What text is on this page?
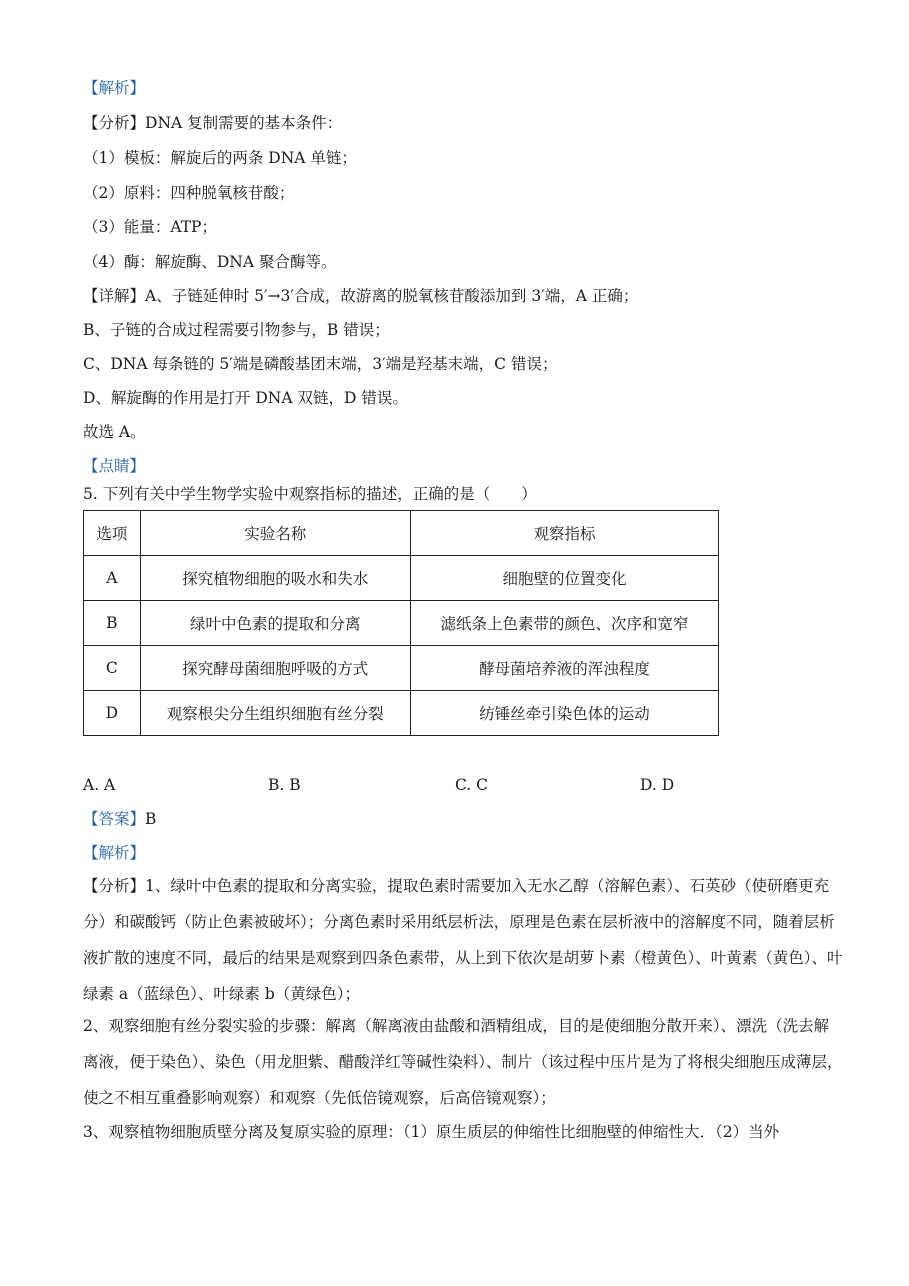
【解析】
【分析】DNA 复制需要的基本条件：
（1）模板：解旋后的两条 DNA 单链；
（2）原料：四种脱氧核苷酸；
（3）能量：ATP；
（4）酶：解旋酶、DNA 聚合酶等。
【详解】A、子链延伸时 5′→3′合成，故游离的脱氧核苷酸添加到 3′端，A 正确；
B、子链的合成过程需要引物参与，B 错误；
C、DNA 每条链的 5′端是磷酸基团末端，3′端是羟基末端，C 错误；
D、解旋酶的作用是打开 DNA 双链，D 错误。
故选 A。
【点睛】
5. 下列有关中学生物学实验中观察指标的描述，正确的是（　　）
选项	实验名称	观察指标
A	探究植物细胞的吸水和失水	细胞壁的位置变化
B	绿叶中色素的提取和分离	滤纸条上色素带的颜色、次序和宽窄
C	探究酵母菌细胞呼吸的方式	酵母菌培养液的浑浊程度
D	观察根尖分生组织细胞有丝分裂	纺锤丝牵引染色体的运动
A. A	B. B	C. C	D. D
【答案】B
【解析】
【分析】1、绿叶中色素的提取和分离实验，提取色素时需要加入无水乙醇（溶解色素）、石英砂（使研磨更充分）和碳酸钙（防止色素被破坏）；分离色素时采用纸层析法，原理是色素在层析液中的溶解度不同，随着层析液扩散的速度不同，最后的结果是观察到四条色素带，从上到下依次是胡萝卜素（橙黄色）、叶黄素（黄色）、叶绿素 a（蓝绿色）、叶绿素 b（黄绿色）；
2、观察细胞有丝分裂实验的步骤：解离（解离液由盐酸和酒精组成，目的是使细胞分散开来）、漂洗（洗去解离液，便于染色）、染色（用龙胆紫、醋酸洋红等碱性染料）、制片（该过程中压片是为了将根尖细胞压成薄层，使之不相互重叠影响观察）和观察（先低倍镜观察，后高倍镜观察）；
3、观察植物细胞质壁分离及复原实验的原理：（1）原生质层的伸缩性比细胞壁的伸缩性大．（2）当外
